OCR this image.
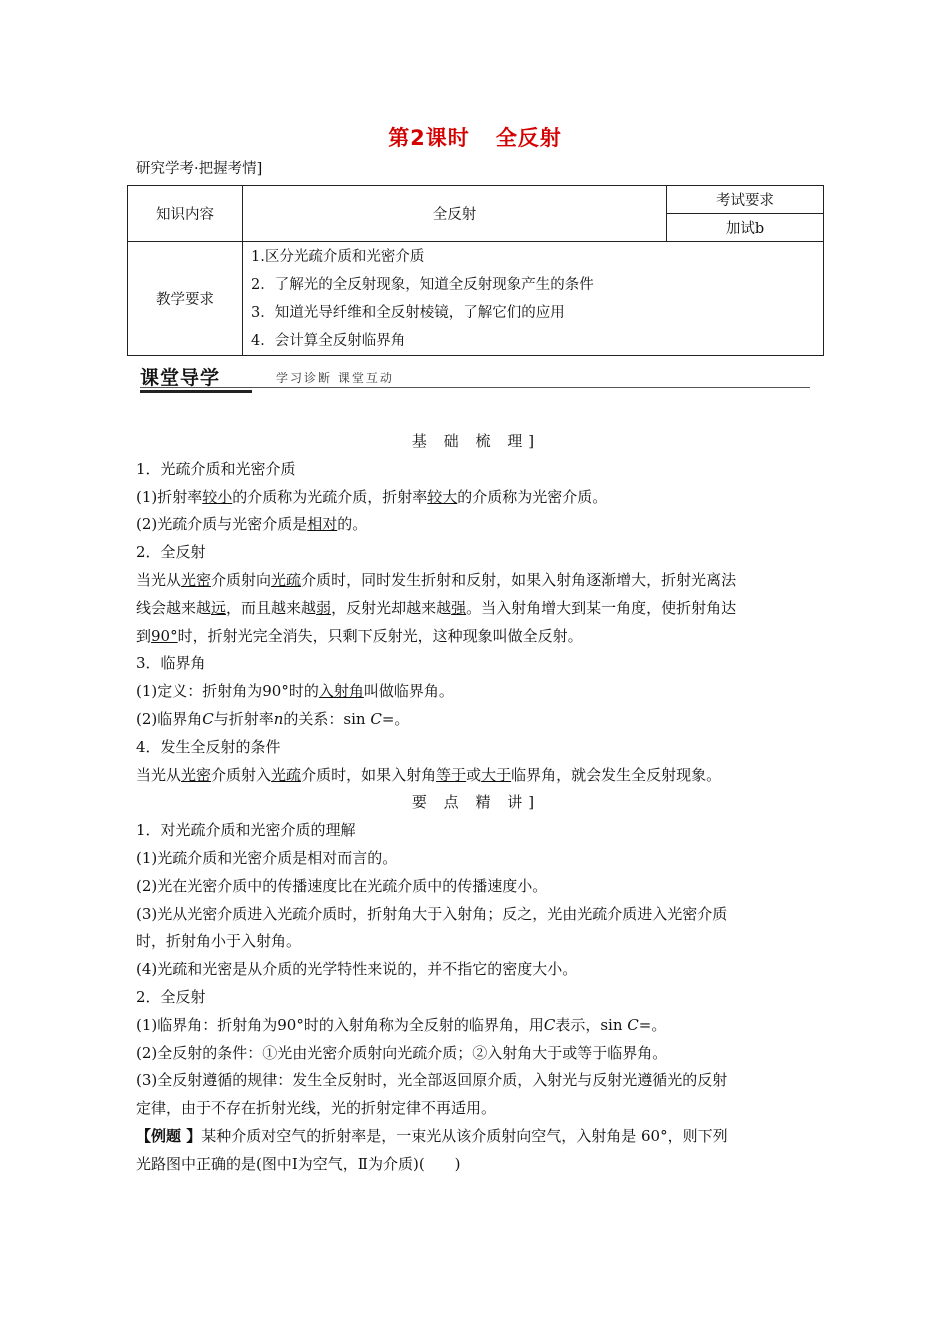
第2课时 全反射
研究学考·把握考情]
知识内容	全反射	考试要求
		加试b
教学要求	1.区分光疏介质和光密介质
2．了解光的全反射现象，知道全反射现象产生的条件
3．知道光导纤维和全反射棱镜，了解它们的应用
4．会计算全反射临界角	
课堂导学	学习诊断 课堂互动
基 础 梳 理]
1．光疏介质和光密介质
(1)折射率较小的介质称为光疏介质，折射率较大的介质称为光密介质。
(2)光疏介质与光密介质是相对的。
2．全反射
当光从光密介质射向光疏介质时，同时发生折射和反射，如果入射角逐渐增大，折射光离法
线会越来越远，而且越来越弱，反射光却越来越强。当入射角增大到某一角度，使折射角达
到90°时，折射光完全消失，只剩下反射光，这种现象叫做全反射。
3．临界角
(1)定义：折射角为90°时的入射角叫做临界角。
(2)临界角C与折射率n的关系：sin C=。
4．发生全反射的条件
当光从光密介质射入光疏介质时，如果入射角等于或大于临界角，就会发生全反射现象。
要 点 精 讲]
1．对光疏介质和光密介质的理解
(1)光疏介质和光密介质是相对而言的。
(2)光在光密介质中的传播速度比在光疏介质中的传播速度小。
(3)光从光密介质进入光疏介质时，折射角大于入射角；反之，光由光疏介质进入光密介质
时，折射角小于入射角。
(4)光疏和光密是从介质的光学特性来说的，并不指它的密度大小。
2．全反射
(1)临界角：折射角为90°时的入射角称为全反射的临界角，用C表示，sin C=。
(2)全反射的条件：①光由光密介质射向光疏介质；②入射角大于或等于临界角。
(3)全反射遵循的规律：发生全反射时，光全部返回原介质，入射光与反射光遵循光的反射
定律，由于不存在折射光线，光的折射定律不再适用。
【例题 】某种介质对空气的折射率是，一束光从该介质射向空气，入射角是 60°，则下列
光路图中正确的是(图中Ⅰ为空气，Ⅱ为介质)(　　)
